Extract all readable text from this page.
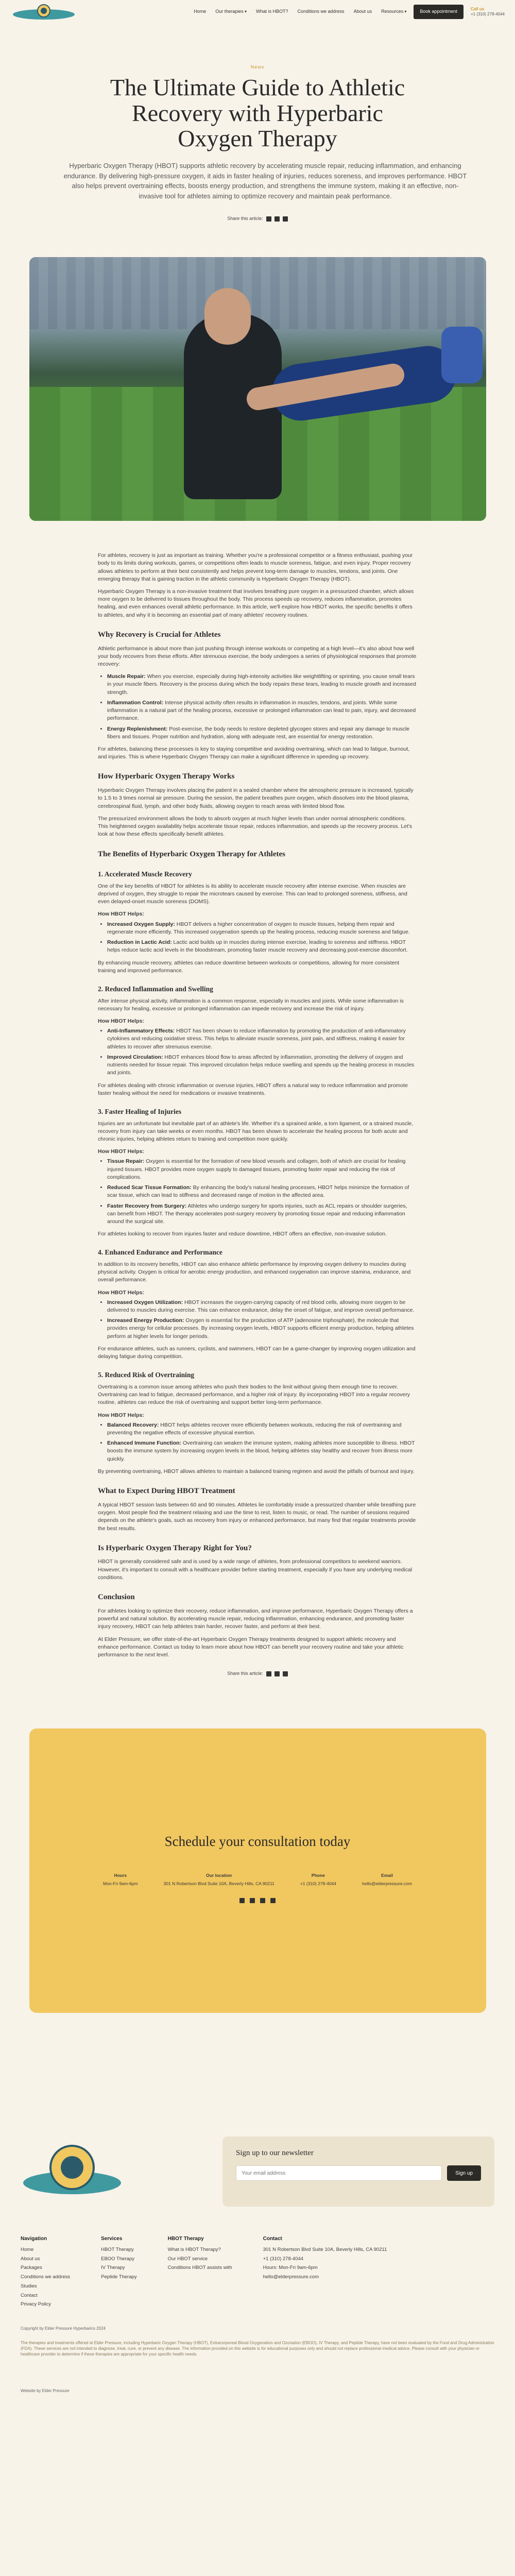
Home Our therapies ▾	What is HBOT? Conditions we address About us Resources ▾	Book appointment	Call us
+1 (310) 278-4044
News
The Ultimate Guide to Athletic Recovery with Hyperbaric Oxygen Therapy

Hyperbaric Oxygen Therapy (HBOT) supports athletic recovery by accelerating muscle repair, reducing inflammation, and enhancing endurance. By delivering high-pressure oxygen, it aids in faster healing of injuries, reduces soreness, and improves performance. HBOT also helps prevent overtraining effects, boosts energy production, and strengthens the immune system, making it an effective, non-invasive tool for athletes aiming to optimize recovery and maintain peak performance.

Share this article:

For athletes, recovery is just as important as training. Whether you're a professional competitor or a fitness enthusiast, pushing your body to its limits during workouts, games, or competitions often leads to muscle soreness, fatigue, and even injury. Proper recovery allows athletes to perform at their best consistently and helps prevent long-term damage to muscles, tendons, and joints. One emerging therapy that is gaining traction in the athletic community is Hyperbaric Oxygen Therapy (HBOT).

Hyperbaric Oxygen Therapy is a non-invasive treatment that involves breathing pure oxygen in a pressurized chamber, which allows more oxygen to be delivered to tissues throughout the body. This process speeds up recovery, reduces inflammation, promotes healing, and even enhances overall athletic performance. In this article, we'll explore how HBOT works, the specific benefits it offers to athletes, and why it is becoming an essential part of many athletes' recovery routines.

Why Recovery is Crucial for Athletes

Athletic performance is about more than just pushing through intense workouts or competing at a high level—it's also about how well your body recovers from these efforts. After strenuous exercise, the body undergoes a series of physiological responses that promote recovery:

• Muscle Repair: When you exercise, especially during high-intensity activities like weightlifting or sprinting, you cause small tears in your muscle fibers. Recovery is the process during which the body repairs these tears, leading to muscle growth and increased strength.
• Inflammation Control: Intense physical activity often results in inflammation in muscles, tendons, and joints. While some inflammation is a natural part of the healing process, excessive or prolonged inflammation can lead to pain, injury, and decreased performance.
• Energy Replenishment: Post-exercise, the body needs to restore depleted glycogen stores and repair any damage to muscle fibers and tissues. Proper nutrition and hydration, along with adequate rest, are essential for energy restoration.

For athletes, balancing these processes is key to staying competitive and avoiding overtraining, which can lead to fatigue, burnout, and injuries. This is where Hyperbaric Oxygen Therapy can make a significant difference in speeding up recovery.

How Hyperbaric Oxygen Therapy Works

Hyperbaric Oxygen Therapy involves placing the patient in a sealed chamber where the atmospheric pressure is increased, typically to 1.5 to 3 times normal air pressure. During the session, the patient breathes pure oxygen, which dissolves into the blood plasma, cerebrospinal fluid, lymph, and other body fluids, allowing oxygen to reach areas with limited blood flow.

The pressurized environment allows the body to absorb oxygen at much higher levels than under normal atmospheric conditions. This heightened oxygen availability helps accelerate tissue repair, reduces inflammation, and speeds up the recovery process. Let's look at how these effects specifically benefit athletes.

The Benefits of Hyperbaric Oxygen Therapy for Athletes
1. Accelerated Muscle Recovery

One of the key benefits of HBOT for athletes is its ability to accelerate muscle recovery after intense exercise. When muscles are deprived of oxygen, they struggle to repair the microtears caused by exercise. This can lead to prolonged soreness, stiffness, and even delayed-onset muscle soreness (DOMS).

How HBOT Helps:

• Increased Oxygen Supply: HBOT delivers a higher concentration of oxygen to muscle tissues, helping them repair and regenerate more efficiently. This increased oxygenation speeds up the healing process, reducing muscle soreness and fatigue.
• Reduction in Lactic Acid: Lactic acid builds up in muscles during intense exercise, leading to soreness and stiffness. HBOT helps reduce lactic acid levels in the bloodstream, promoting faster muscle recovery and decreasing post-exercise discomfort.

By enhancing muscle recovery, athletes can reduce downtime between workouts or competitions, allowing for more consistent training and improved performance.

2. Reduced Inflammation and Swelling

After intense physical activity, inflammation is a common response, especially in muscles and joints. While some inflammation is necessary for healing, excessive or prolonged inflammation can impede recovery and increase the risk of injury.

How HBOT Helps:

• Anti-Inflammatory Effects: HBOT has been shown to reduce inflammation by promoting the production of anti-inflammatory cytokines and reducing oxidative stress. This helps to alleviate muscle soreness, joint pain, and stiffness, making it easier for athletes to recover after strenuous exercise.
• Improved Circulation: HBOT enhances blood flow to areas affected by inflammation, promoting the delivery of oxygen and nutrients needed for tissue repair. This improved circulation helps reduce swelling and speeds up the healing process in muscles and joints.

For athletes dealing with chronic inflammation or overuse injuries, HBOT offers a natural way to reduce inflammation and promote faster healing without the need for medications or invasive treatments.

3. Faster Healing of Injuries

Injuries are an unfortunate but inevitable part of an athlete's life. Whether it's a sprained ankle, a torn ligament, or a strained muscle, recovery from injury can take weeks or even months. HBOT has been shown to accelerate the healing process for both acute and chronic injuries, helping athletes return to training and competition more quickly.

How HBOT Helps:

• Tissue Repair: Oxygen is essential for the formation of new blood vessels and collagen, both of which are crucial for healing injured tissues. HBOT provides more oxygen supply to damaged tissues, promoting faster repair and reducing the risk of complications.
• Reduced Scar Tissue Formation: By enhancing the body's natural healing processes, HBOT helps minimize the formation of scar tissue, which can lead to stiffness and decreased range of motion in the affected area.
• Faster Recovery from Surgery: Athletes who undergo surgery for sports injuries, such as ACL repairs or shoulder surgeries, can benefit from HBOT. The therapy accelerates post-surgery recovery by promoting tissue repair and reducing inflammation around the surgical site.

For athletes looking to recover from injuries faster and reduce downtime, HBOT offers an effective, non-invasive solution.

4. Enhanced Endurance and Performance

In addition to its recovery benefits, HBOT can also enhance athletic performance by improving oxygen delivery to muscles during physical activity. Oxygen is critical for aerobic energy production, and enhanced oxygenation can improve stamina, endurance, and overall performance.

How HBOT Helps:

• Increased Oxygen Utilization: HBOT increases the oxygen-carrying capacity of red blood cells, allowing more oxygen to be delivered to muscles during exercise. This can enhance endurance, delay the onset of fatigue, and improve overall performance.
• Increased Energy Production: Oxygen is essential for the production of ATP (adenosine triphosphate), the molecule that provides energy for cellular processes. By increasing oxygen levels, HBOT supports efficient energy production, helping athletes perform at higher levels for longer periods.

For endurance athletes, such as runners, cyclists, and swimmers, HBOT can be a game-changer by improving oxygen utilization and delaying fatigue during competition.

5. Reduced Risk of Overtraining

Overtraining is a common issue among athletes who push their bodies to the limit without giving them enough time to recover. Overtraining can lead to fatigue, decreased performance, and a higher risk of injury. By incorporating HBOT into a regular recovery routine, athletes can reduce the risk of overtraining and support better long-term performance.

How HBOT Helps:

• Balanced Recovery: HBOT helps athletes recover more efficiently between workouts, reducing the risk of overtraining and preventing the negative effects of excessive physical exertion.
• Enhanced Immune Function: Overtraining can weaken the immune system, making athletes more susceptible to illness. HBOT boosts the immune system by increasing oxygen levels in the blood, helping athletes stay healthy and recover from illness more quickly.

By preventing overtraining, HBOT allows athletes to maintain a balanced training regimen and avoid the pitfalls of burnout and injury.

What to Expect During HBOT Treatment

A typical HBOT session lasts between 60 and 90 minutes. Athletes lie comfortably inside a pressurized chamber while breathing pure oxygen. Most people find the treatment relaxing and use the time to rest, listen to music, or read. The number of sessions required depends on the athlete's goals, such as recovery from injury or enhanced performance, but many find that regular treatments provide the best results.

Is Hyperbaric Oxygen Therapy Right for You?

HBOT is generally considered safe and is used by a wide range of athletes, from professional competitors to weekend warriors. However, it's important to consult with a healthcare provider before starting treatment, especially if you have any underlying medical conditions.

Conclusion

For athletes looking to optimize their recovery, reduce inflammation, and improve performance, Hyperbaric Oxygen Therapy offers a powerful and natural solution. By accelerating muscle repair, reducing inflammation, enhancing endurance, and promoting faster injury recovery, HBOT can help athletes train harder, recover faster, and perform at their best.

At Elder Pressure, we offer state-of-the-art Hyperbaric Oxygen Therapy treatments designed to support athletic recovery and enhance performance. Contact us today to learn more about how HBOT can benefit your recovery routine and take your athletic performance to the next level.

Share this article:
Schedule your consultation today
Hours
Mon-Fri 9am-6pm
Our location
301 N Robertson Blvd Suite 10A, Beverly Hills, CA 90211
Phone
+1 (310) 278-4044
Email
hello@elderpressure.com
Sign up to our newsletter
Your email address
Sign up
Navigation
Home
About us
Packages
Conditions we address
Studies
Contact
Privacy Policy
Services
HBOT Therapy
EBOO Therapy
IV Therapy
Peptide Therapy
HBOT Therapy
What is HBOT Therapy?
Our HBOT service
Conditions HBOT assists with
Contact
301 N Robertson Blvd Suite 10A, Beverly Hills, CA 90211
+1 (310) 278-4044
Hours: Mon-Fri 9am-6pm
hello@elderpressure.com
Copyright by Elder Pressure Hyperbarics 2024
The therapies and treatments offered at Elder Pressure, including Hyperbaric Oxygen Therapy (HBOT), Extracorporeal Blood Oxygenation and Ozonation (EBOO), IV Therapy, and Peptide Therapy, have not been evaluated by the Food and Drug Administration (FDA). These services are not intended to diagnose, treat, cure, or prevent any disease. The information provided on this website is for educational purposes only and should not replace professional medical advice. Please consult with your physician or healthcare provider to determine if these therapies are appropriate for your specific health needs.
Website by Elder Pressure
